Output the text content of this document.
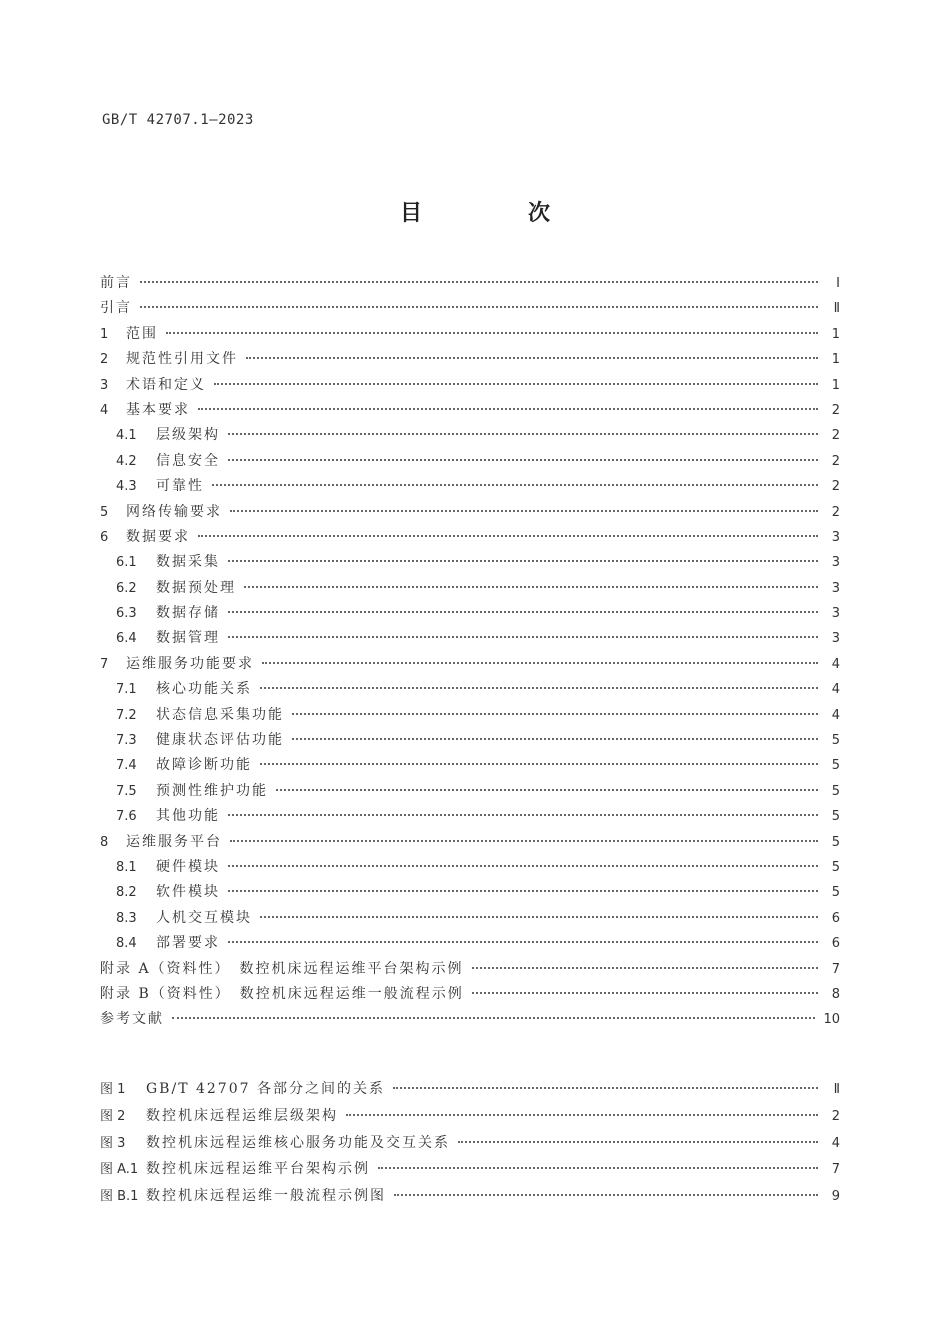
GB/T 42707.1—2023
目　次
前言	Ⅰ
引言	Ⅱ
1	范围	1
2	规范性引用文件	1
3	术语和定义	1
4	基本要求	2
4.1	层级架构	2
4.2	信息安全	2
4.3	可靠性	2
5	网络传输要求	2
6	数据要求	3
6.1	数据采集	3
6.2	数据预处理	3
6.3	数据存储	3
6.4	数据管理	3
7	运维服务功能要求	4
7.1	核心功能关系	4
7.2	状态信息采集功能	4
7.3	健康状态评估功能	5
7.4	故障诊断功能	5
7.5	预测性维护功能	5
7.6	其他功能	5
8	运维服务平台	5
8.1	硬件模块	5
8.2	软件模块	5
8.3	人机交互模块	6
8.4	部署要求	6
附录 A（资料性）　数控机床远程运维平台架构示例	7
附录 B（资料性）　数控机床远程运维一般流程示例	8
参考文献	10
图 1	GB/T 42707 各部分之间的关系	Ⅱ
图 2	数控机床远程运维层级架构	2
图 3	数控机床远程运维核心服务功能及交互关系	4
图 A.1 数控机床远程运维平台架构示例	7
图 B.1 数控机床远程运维一般流程示例图	9
